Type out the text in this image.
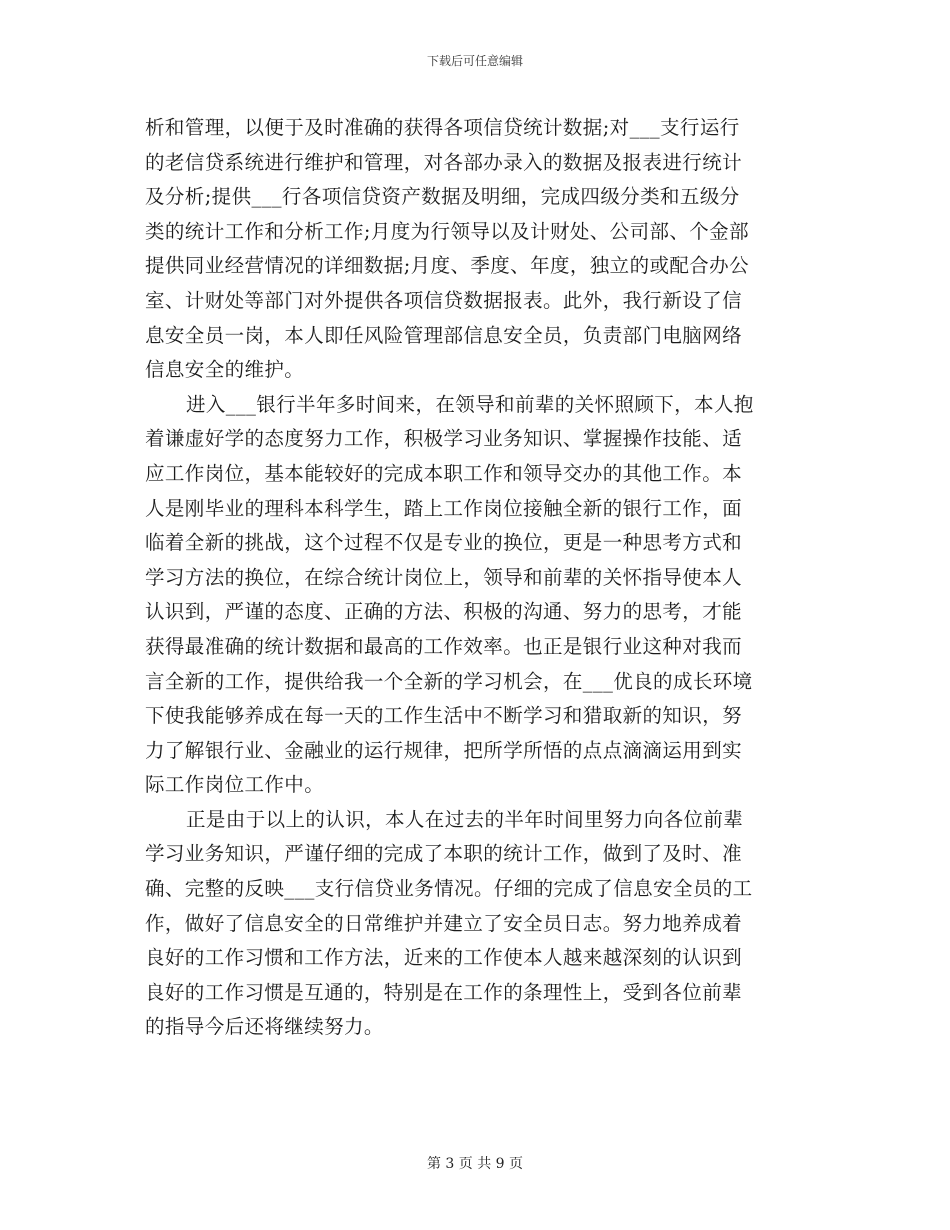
下载后可任意编辑
析和管理，以便于及时准确的获得各项信贷统计数据;对___支行运行
的老信贷系统进行维护和管理，对各部办录入的数据及报表进行统计
及分析;提供___行各项信贷资产数据及明细，完成四级分类和五级分
类的统计工作和分析工作;月度为行领导以及计财处、公司部、个金部
提供同业经营情况的详细数据;月度、季度、年度，独立的或配合办公
室、计财处等部门对外提供各项信贷数据报表。此外，我行新设了信
息安全员一岗，本人即任风险管理部信息安全员，负责部门电脑网络
信息安全的维护。
进入___银行半年多时间来，在领导和前辈的关怀照顾下，本人抱
着谦虚好学的态度努力工作，积极学习业务知识、掌握操作技能、适
应工作岗位，基本能较好的完成本职工作和领导交办的其他工作。本
人是刚毕业的理科本科学生，踏上工作岗位接触全新的银行工作，面
临着全新的挑战，这个过程不仅是专业的换位，更是一种思考方式和
学习方法的换位，在综合统计岗位上，领导和前辈的关怀指导使本人
认识到，严谨的态度、正确的方法、积极的沟通、努力的思考，才能
获得最准确的统计数据和最高的工作效率。也正是银行业这种对我而
言全新的工作，提供给我一个全新的学习机会，在___优良的成长环境
下使我能够养成在每一天的工作生活中不断学习和猎取新的知识，努
力了解银行业、金融业的运行规律，把所学所悟的点点滴滴运用到实
际工作岗位工作中。
正是由于以上的认识，本人在过去的半年时间里努力向各位前辈
学习业务知识，严谨仔细的完成了本职的统计工作，做到了及时、准
确、完整的反映___支行信贷业务情况。仔细的完成了信息安全员的工
作，做好了信息安全的日常维护并建立了安全员日志。努力地养成着
良好的工作习惯和工作方法，近来的工作使本人越来越深刻的认识到
良好的工作习惯是互通的，特别是在工作的条理性上，受到各位前辈
的指导今后还将继续努力。
第 3 页 共 9 页
